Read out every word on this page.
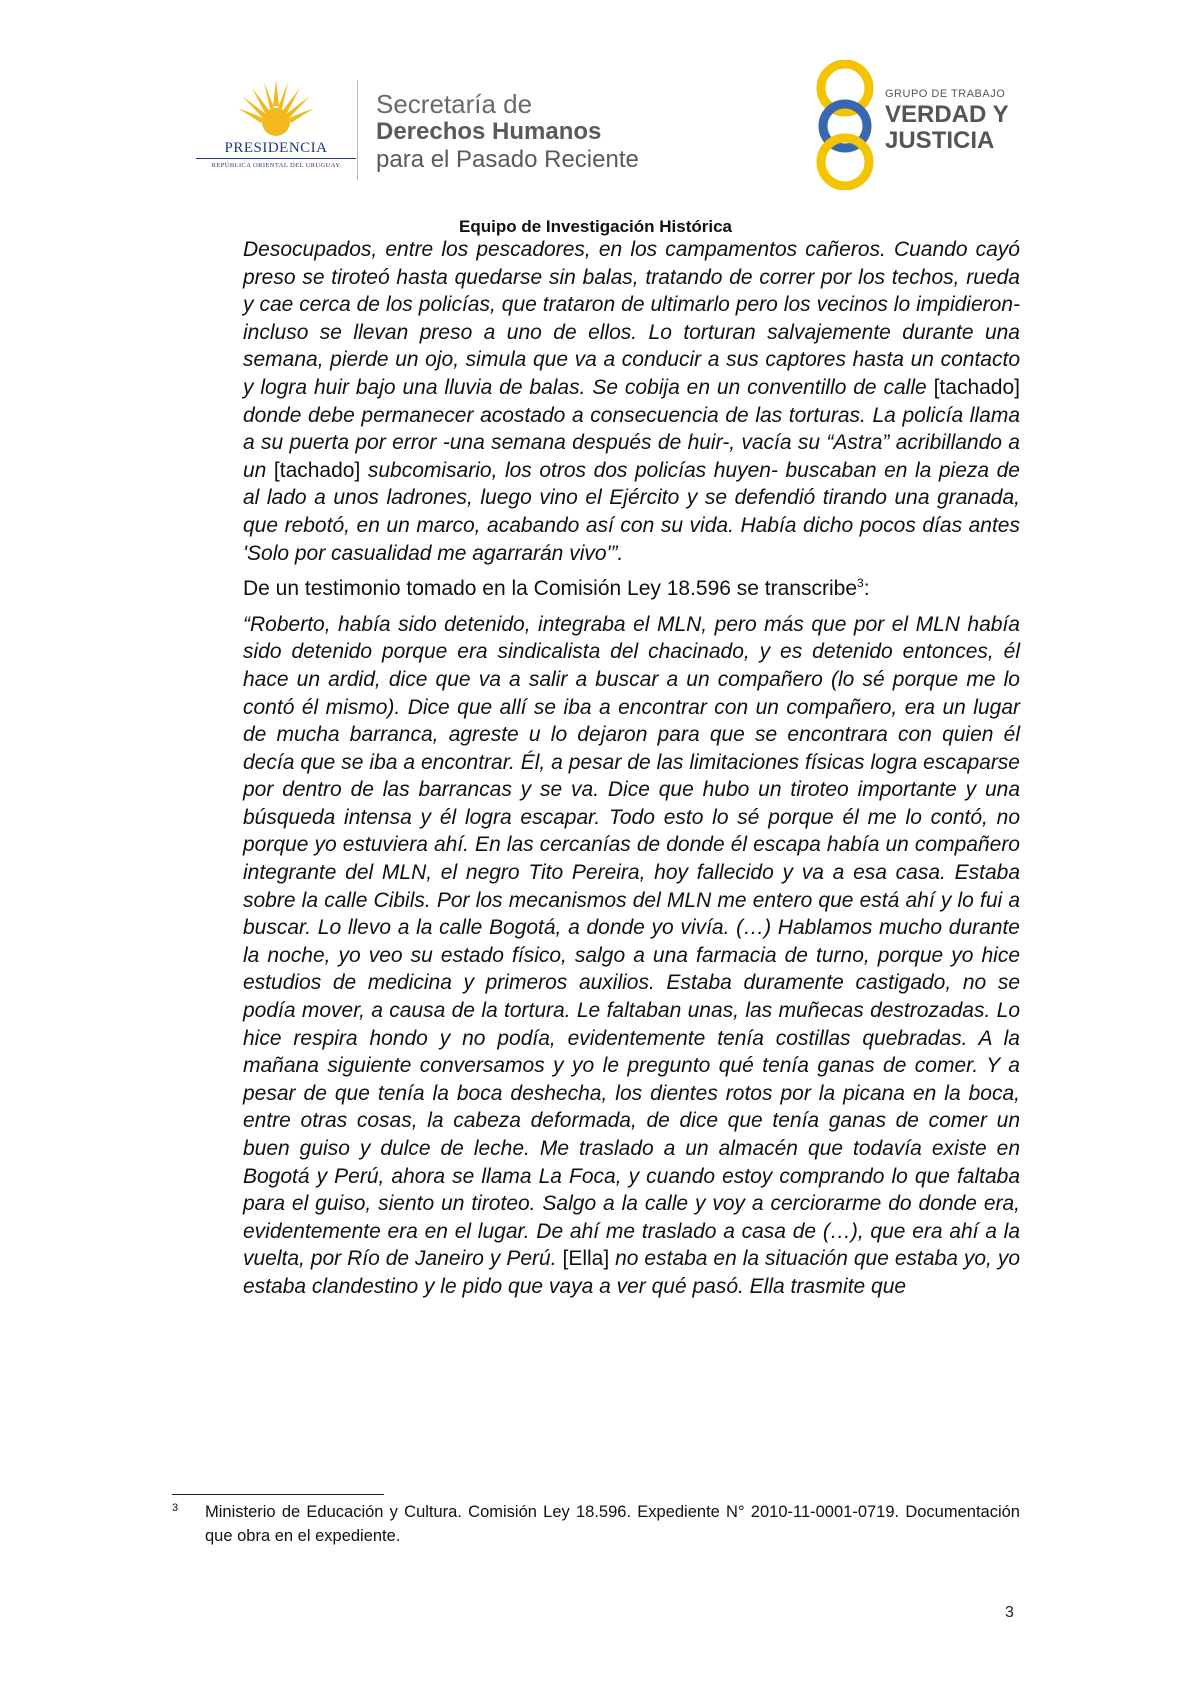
PRESIDENCIA
REPÚBLICA ORIENTAL DEL URUGUAY
Secretaría de
Derechos Humanos
para el Pasado Reciente
GRUPO DE TRABAJO
VERDAD Y
JUSTICIA
Equipo de Investigación Histórica

Desocupados, entre los pescadores, en los campamentos cañeros. Cuando cayó preso se tiroteó hasta quedarse sin balas, tratando de correr por los techos, rueda y cae cerca de los policías, que trataron de ultimarlo pero los vecinos lo impidieron-incluso se llevan preso a uno de ellos. Lo torturan salvajemente durante una semana, pierde un ojo, simula que va a conducir a sus captores hasta un contacto y logra huir bajo una lluvia de balas. Se cobija en un conventillo de calle [tachado] donde debe permanecer acostado a consecuencia de las torturas. La policía llama a su puerta por error -una semana después de huir-, vacía su “Astra” acribillando a un [tachado] subcomisario, los otros dos policías huyen- buscaban en la pieza de al lado a unos ladrones, luego vino el Ejército y se defendió tirando una granada, que rebotó, en un marco, acabando así con su vida. Había dicho pocos días antes 'Solo por casualidad me agarrarán vivo'”.

De un testimonio tomado en la Comisión Ley 18.596 se transcribe$^3$:

“Roberto, había sido detenido, integraba el MLN, pero más que por el MLN había sido detenido porque era sindicalista del chacinado, y es detenido entonces, él hace un ardid, dice que va a salir a buscar a un compañero (lo sé porque me lo contó él mismo). Dice que allí se iba a encontrar con un compañero, era un lugar de mucha barranca, agreste u lo dejaron para que se encontrara con quien él decía que se iba a encontrar. Él, a pesar de las limitaciones físicas logra escaparse por dentro de las barrancas y se va. Dice que hubo un tiroteo importante y una búsqueda intensa y él logra escapar. Todo esto lo sé porque él me lo contó, no porque yo estuviera ahí. En las cercanías de donde él escapa había un compañero integrante del MLN, el negro Tito Pereira, hoy fallecido y va a esa casa. Estaba sobre la calle Cibils. Por los mecanismos del MLN me entero que está ahí y lo fui a buscar. Lo llevo a la calle Bogotá, a donde yo vivía. (…) Hablamos mucho durante la noche, yo veo su estado físico, salgo a una farmacia de turno, porque yo hice estudios de medicina y primeros auxilios. Estaba duramente castigado, no se podía mover, a causa de la tortura. Le faltaban unas, las muñecas destrozadas. Lo hice respira hondo y no podía, evidentemente tenía costillas quebradas. A la mañana siguiente conversamos y yo le pregunto qué tenía ganas de comer. Y a pesar de que tenía la boca deshecha, los dientes rotos por la picana en la boca, entre otras cosas, la cabeza deformada, de dice que tenía ganas de comer un buen guiso y dulce de leche. Me traslado a un almacén que todavía existe en Bogotá y Perú, ahora se llama La Foca, y cuando estoy comprando lo que faltaba para el guiso, siento un tiroteo. Salgo a la calle y voy a cerciorarme do donde era, evidentemente era en el lugar. De ahí me traslado a casa de (…), que era ahí a la vuelta, por Río de Janeiro y Perú. [Ella] no estaba en la situación que estaba yo, yo estaba clandestino y le pido que vaya a ver qué pasó. Ella trasmite que

3 Ministerio de Educación y Cultura. Comisión Ley 18.596. Expediente N° 2010-11-0001-0719. Documentación que obra en el expediente.
3
